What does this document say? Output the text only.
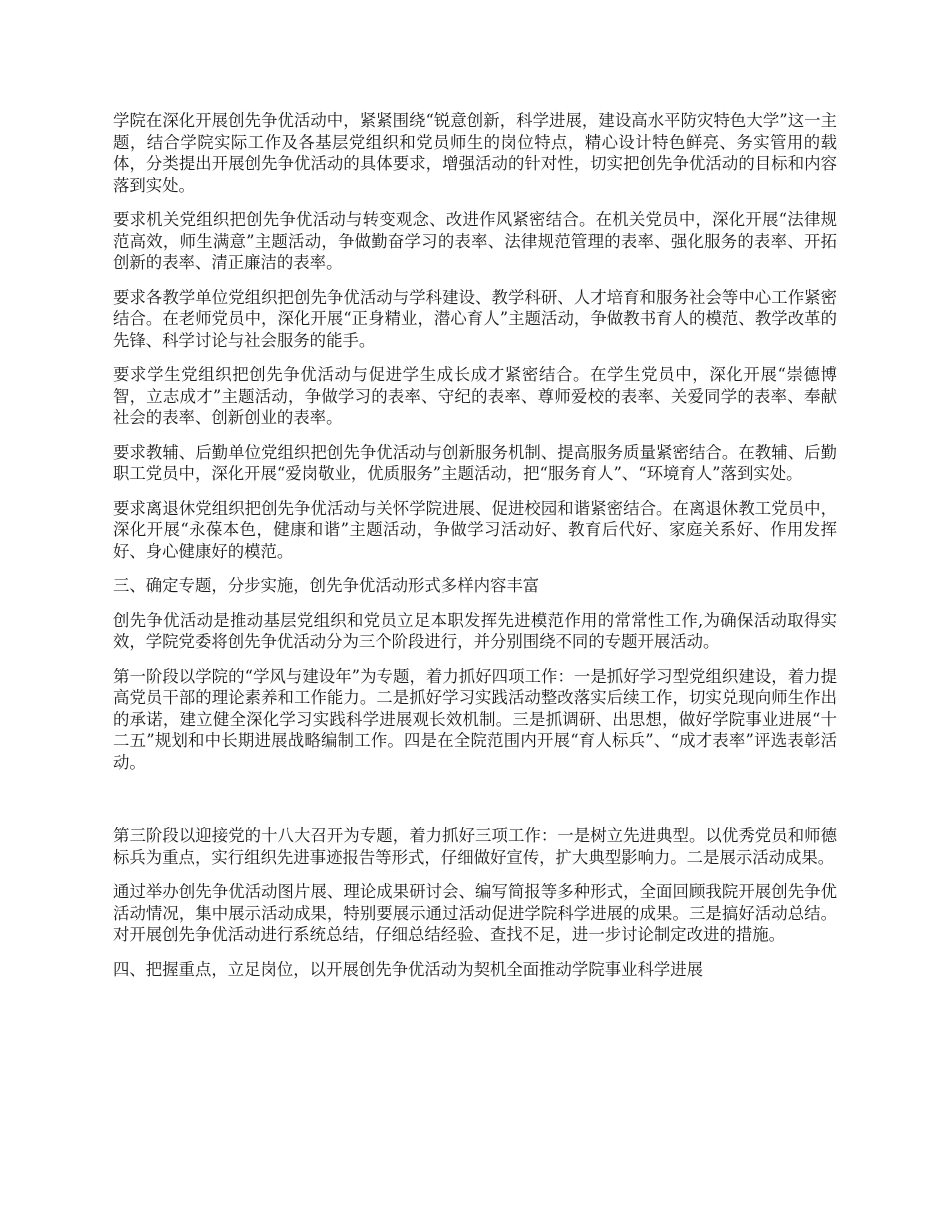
学院在深化开展创先争优活动中，紧紧围绕“锐意创新，科学进展，建设高水平防灾特色大学”这一主题，结合学院实际工作及各基层党组织和党员师生的岗位特点，精心设计特色鲜亮、务实管用的载体，分类提出开展创先争优活动的具体要求，增强活动的针对性，切实把创先争优活动的目标和内容落到实处。

要求机关党组织把创先争优活动与转变观念、改进作风紧密结合。在机关党员中，深化开展“法律规范高效，师生满意”主题活动，争做勤奋学习的表率、法律规范管理的表率、强化服务的表率、开拓创新的表率、清正廉洁的表率。

要求各教学单位党组织把创先争优活动与学科建设、教学科研、人才培育和服务社会等中心工作紧密结合。在老师党员中，深化开展“正身精业，潜心育人”主题活动，争做教书育人的模范、教学改革的先锋、科学讨论与社会服务的能手。

要求学生党组织把创先争优活动与促进学生成长成才紧密结合。在学生党员中，深化开展“崇德博智，立志成才”主题活动，争做学习的表率、守纪的表率、尊师爱校的表率、关爱同学的表率、奉献社会的表率、创新创业的表率。

要求教辅、后勤单位党组织把创先争优活动与创新服务机制、提高服务质量紧密结合。在教辅、后勤职工党员中，深化开展“爱岗敬业，优质服务”主题活动，把“服务育人”、“环境育人”落到实处。

要求离退休党组织把创先争优活动与关怀学院进展、促进校园和谐紧密结合。在离退休教工党员中，深化开展“永葆本色，健康和谐”主题活动，争做学习活动好、教育后代好、家庭关系好、作用发挥好、身心健康好的模范。

三、确定专题，分步实施，创先争优活动形式多样内容丰富

创先争优活动是推动基层党组织和党员立足本职发挥先进模范作用的常常性工作,为确保活动取得实效，学院党委将创先争优活动分为三个阶段进行，并分别围绕不同的专题开展活动。

第一阶段以学院的“学风与建设年”为专题，着力抓好四项工作：一是抓好学习型党组织建设，着力提高党员干部的理论素养和工作能力。二是抓好学习实践活动整改落实后续工作，切实兑现向师生作出的承诺，建立健全深化学习实践科学进展观长效机制。三是抓调研、出思想，做好学院事业进展“十二五”规划和中长期进展战略编制工作。四是在全院范围内开展“育人标兵”、“成才表率”评选表彰活动。

第三阶段以迎接党的十八大召开为专题，着力抓好三项工作：一是树立先进典型。以优秀党员和师德标兵为重点，实行组织先进事迹报告等形式，仔细做好宣传，扩大典型影响力。二是展示活动成果。

通过举办创先争优活动图片展、理论成果研讨会、编写简报等多种形式，全面回顾我院开展创先争优活动情况，集中展示活动成果，特别要展示通过活动促进学院科学进展的成果。三是搞好活动总结。对开展创先争优活动进行系统总结，仔细总结经验、查找不足，进一步讨论制定改进的措施。

四、把握重点，立足岗位，以开展创先争优活动为契机全面推动学院事业科学进展
